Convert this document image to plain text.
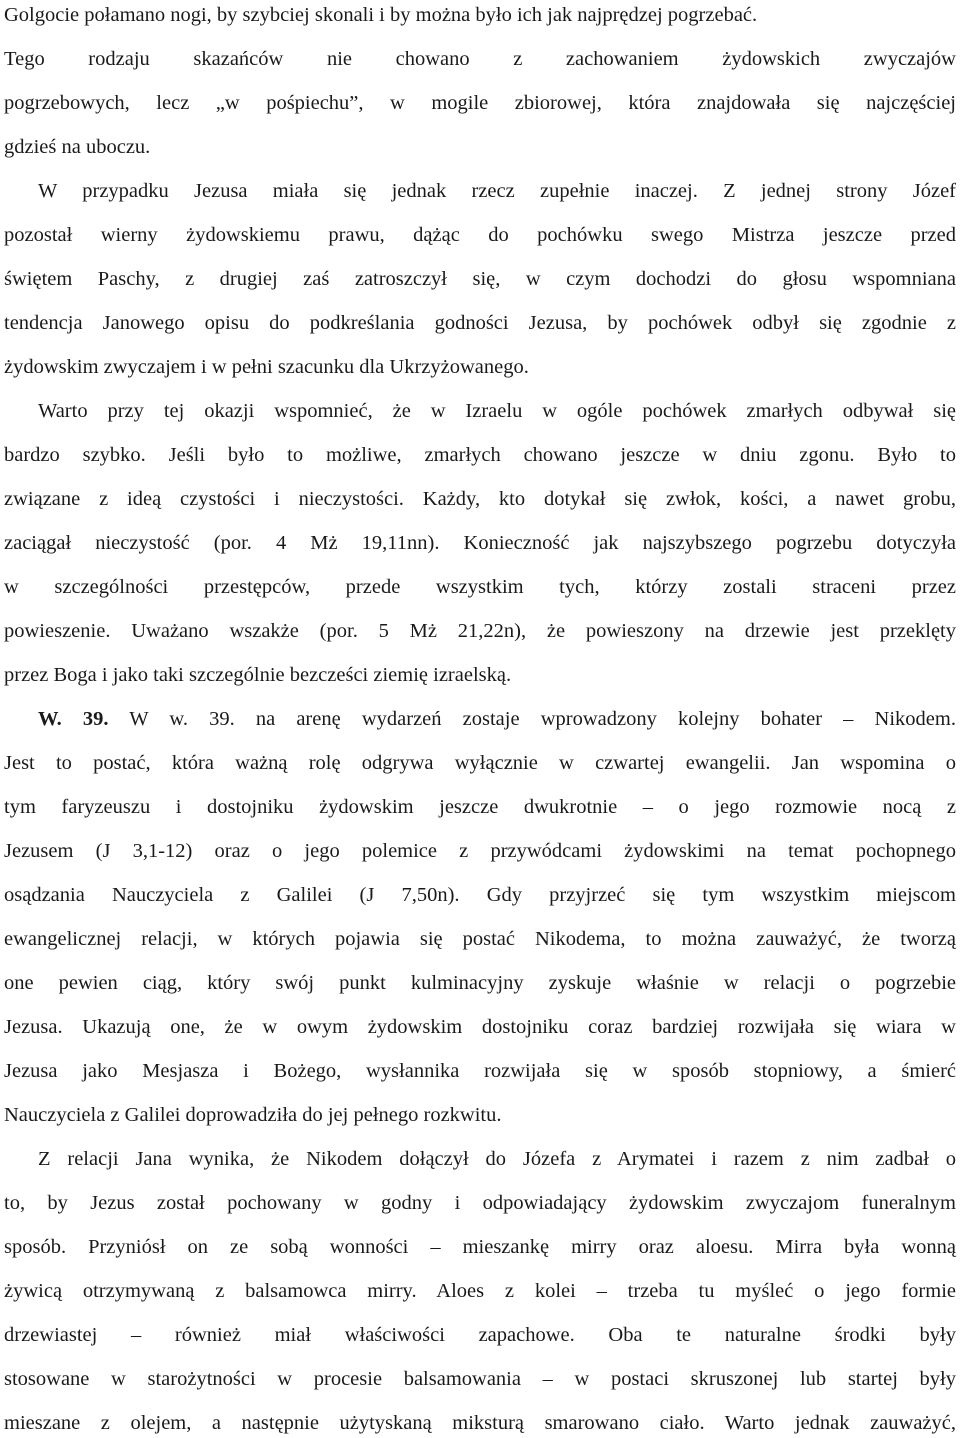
Golgocie połamano nogi, by szybciej skonali i by można było ich jak najprędzej pogrzebać.
Tego rodzaju skazańców nie chowano z zachowaniem żydowskich zwyczajów
pogrzebowych, lecz „w pośpiechu”, w mogile zbiorowej, która znajdowała się najczęściej
gdzieś na uboczu.
W przypadku Jezusa miała się jednak rzecz zupełnie inaczej. Z jednej strony Józef
pozostał wierny żydowskiemu prawu, dążąc do pochówku swego Mistrza jeszcze przed
świętem Paschy, z drugiej zaś zatroszczył się, w czym dochodzi do głosu wspomniana
tendencja Janowego opisu do podkreślania godności Jezusa, by pochówek odbył się zgodnie z
żydowskim zwyczajem i w pełni szacunku dla Ukrzyżowanego.
Warto przy tej okazji wspomnieć, że w Izraelu w ogóle pochówek zmarłych odbywał się
bardzo szybko. Jeśli było to możliwe, zmarłych chowano jeszcze w dniu zgonu. Było to
związane z ideą czystości i nieczystości. Każdy, kto dotykał się zwłok, kości, a nawet grobu,
zaciągał nieczystość (por. 4 Mż 19,11nn). Konieczność jak najszybszego pogrzebu dotyczyła
w szczególności przestępców, przede wszystkim tych, którzy zostali straceni przez
powieszenie. Uważano wszakże (por. 5 Mż 21,22n), że powieszony na drzewie jest przeklęty
przez Boga i jako taki szczególnie bezcześci ziemię izraelską.
W. 39. W w. 39. na arenę wydarzeń zostaje wprowadzony kolejny bohater – Nikodem.
Jest to postać, która ważną rolę odgrywa wyłącznie w czwartej ewangelii. Jan wspomina o
tym faryzeuszu i dostojniku żydowskim jeszcze dwukrotnie – o jego rozmowie nocą z
Jezusem (J 3,1-12) oraz o jego polemice z przywódcami żydowskimi na temat pochopnego
osądzania Nauczyciela z Galilei (J 7,50n). Gdy przyjrzeć się tym wszystkim miejscom
ewangelicznej relacji, w których pojawia się postać Nikodema, to można zauważyć, że tworzą
one pewien ciąg, który swój punkt kulminacyjny zyskuje właśnie w relacji o pogrzebie
Jezusa. Ukazują one, że w owym żydowskim dostojniku coraz bardziej rozwijała się wiara w
Jezusa jako Mesjasza i Bożego, wysłannika rozwijała się w sposób stopniowy, a śmierć
Nauczyciela z Galilei doprowadziła do jej pełnego rozkwitu.
Z relacji Jana wynika, że Nikodem dołączył do Józefa z Arymatei i razem z nim zadbał o
to, by Jezus został pochowany w godny i odpowiadający żydowskim zwyczajom funeralnym
sposób. Przyniósł on ze sobą wonności – mieszankę mirry oraz aloesu. Mirra była wonną
żywicą otrzymywaną z balsamowca mirry. Aloes z kolei – trzeba tu myśleć o jego formie
drzewiastej – również miał właściwości zapachowe. Oba te naturalne środki były
stosowane w starożytności w procesie balsamowania – w postaci skruszonej lub startej były
mieszane z olejem, a następnie użytyskaną miksturą smarowano ciało. Warto jednak zauważyć,
